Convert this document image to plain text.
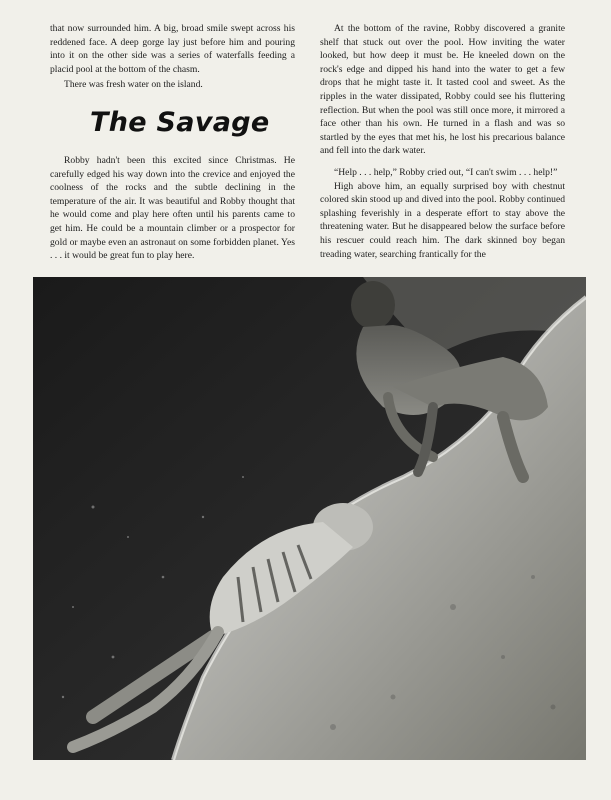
that now surrounded him. A big, broad smile swept across his reddened face. A deep gorge lay just before him and pouring into it on the other side was a series of waterfalls feeding a placid pool at the bottom of the chasm.

There was fresh water on the island.

The Savage

Robby hadn't been this excited since Christmas. He carefully edged his way down into the crevice and enjoyed the coolness of the rocks and the subtle declining in the temperature of the air. It was beautiful and Robby thought that he would come and play here often until his parents came to get him. He could be a mountain climber or a prospector for gold or maybe even an astronaut on some forbidden planet. Yes . . . it would be great fun to play here.

At the bottom of the ravine, Robby discovered a granite shelf that stuck out over the pool. How inviting the water looked, but how deep it must be. He kneeled down on the rock's edge and dipped his hand into the water to get a few drops that he might taste it. It tasted cool and sweet. As the ripples in the water dissipated, Robby could see his fluttering reflection. But when the pool was still once more, it mirrored a face other than his own. He turned in a flash and was so startled by the eyes that met his, he lost his precarious balance and fell into the dark water.

“Help . . . help,” Robby cried out, “I can't swim . . . help!”

High above him, an equally surprised boy with chestnut colored skin stood up and dived into the pool. Robby continued splashing feverishly in a desperate effort to stay above the threatening water. But he disappeared below the surface before his rescuer could reach him. The dark skinned boy began treading water, searching frantically for the
